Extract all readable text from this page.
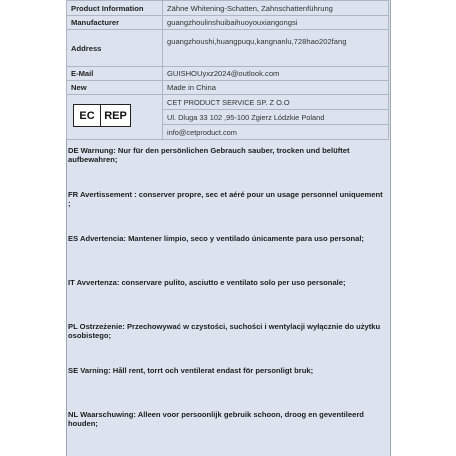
Product Information	Zähne Whitening-Schatten, Zahnschattenführung
Manufacturer	guangzhoulinshuibaihuoyouxiangongsi
Address	guangzhoushi,huangpuqu,kangnanlu,728hao202fang
E-Mail	GUISHOUyxz2024@outlook.com
New	Made in China

EC REP	CET PRODUCT SERVICE SP. Z O.O
	Ul. Dluga 33 102 ,95-100 Zgierz Lódzkie Poland
	info@cetproduct.com
DE Warnung: Nur für den persönlichen Gebrauch sauber, trocken und belüftet aufbewahren;
FR Avertissement : conserver propre, sec et aéré pour un usage personnel uniquement ;
ES Advertencia: Mantener limpio, seco y ventilado únicamente para uso personal;
IT Avvertenza: conservare pulito, asciutto e ventilato solo per uso personale;
PL Ostrzeżenie: Przechowywać w czystości, suchości i wentylacji wyłącznie do użytku osobistego;
SE Varning: Håll rent, torrt och ventilerat endast för personligt bruk;
NL Waarschuwing: Alleen voor persoonlijk gebruik schoon, droog en geventileerd houden;
